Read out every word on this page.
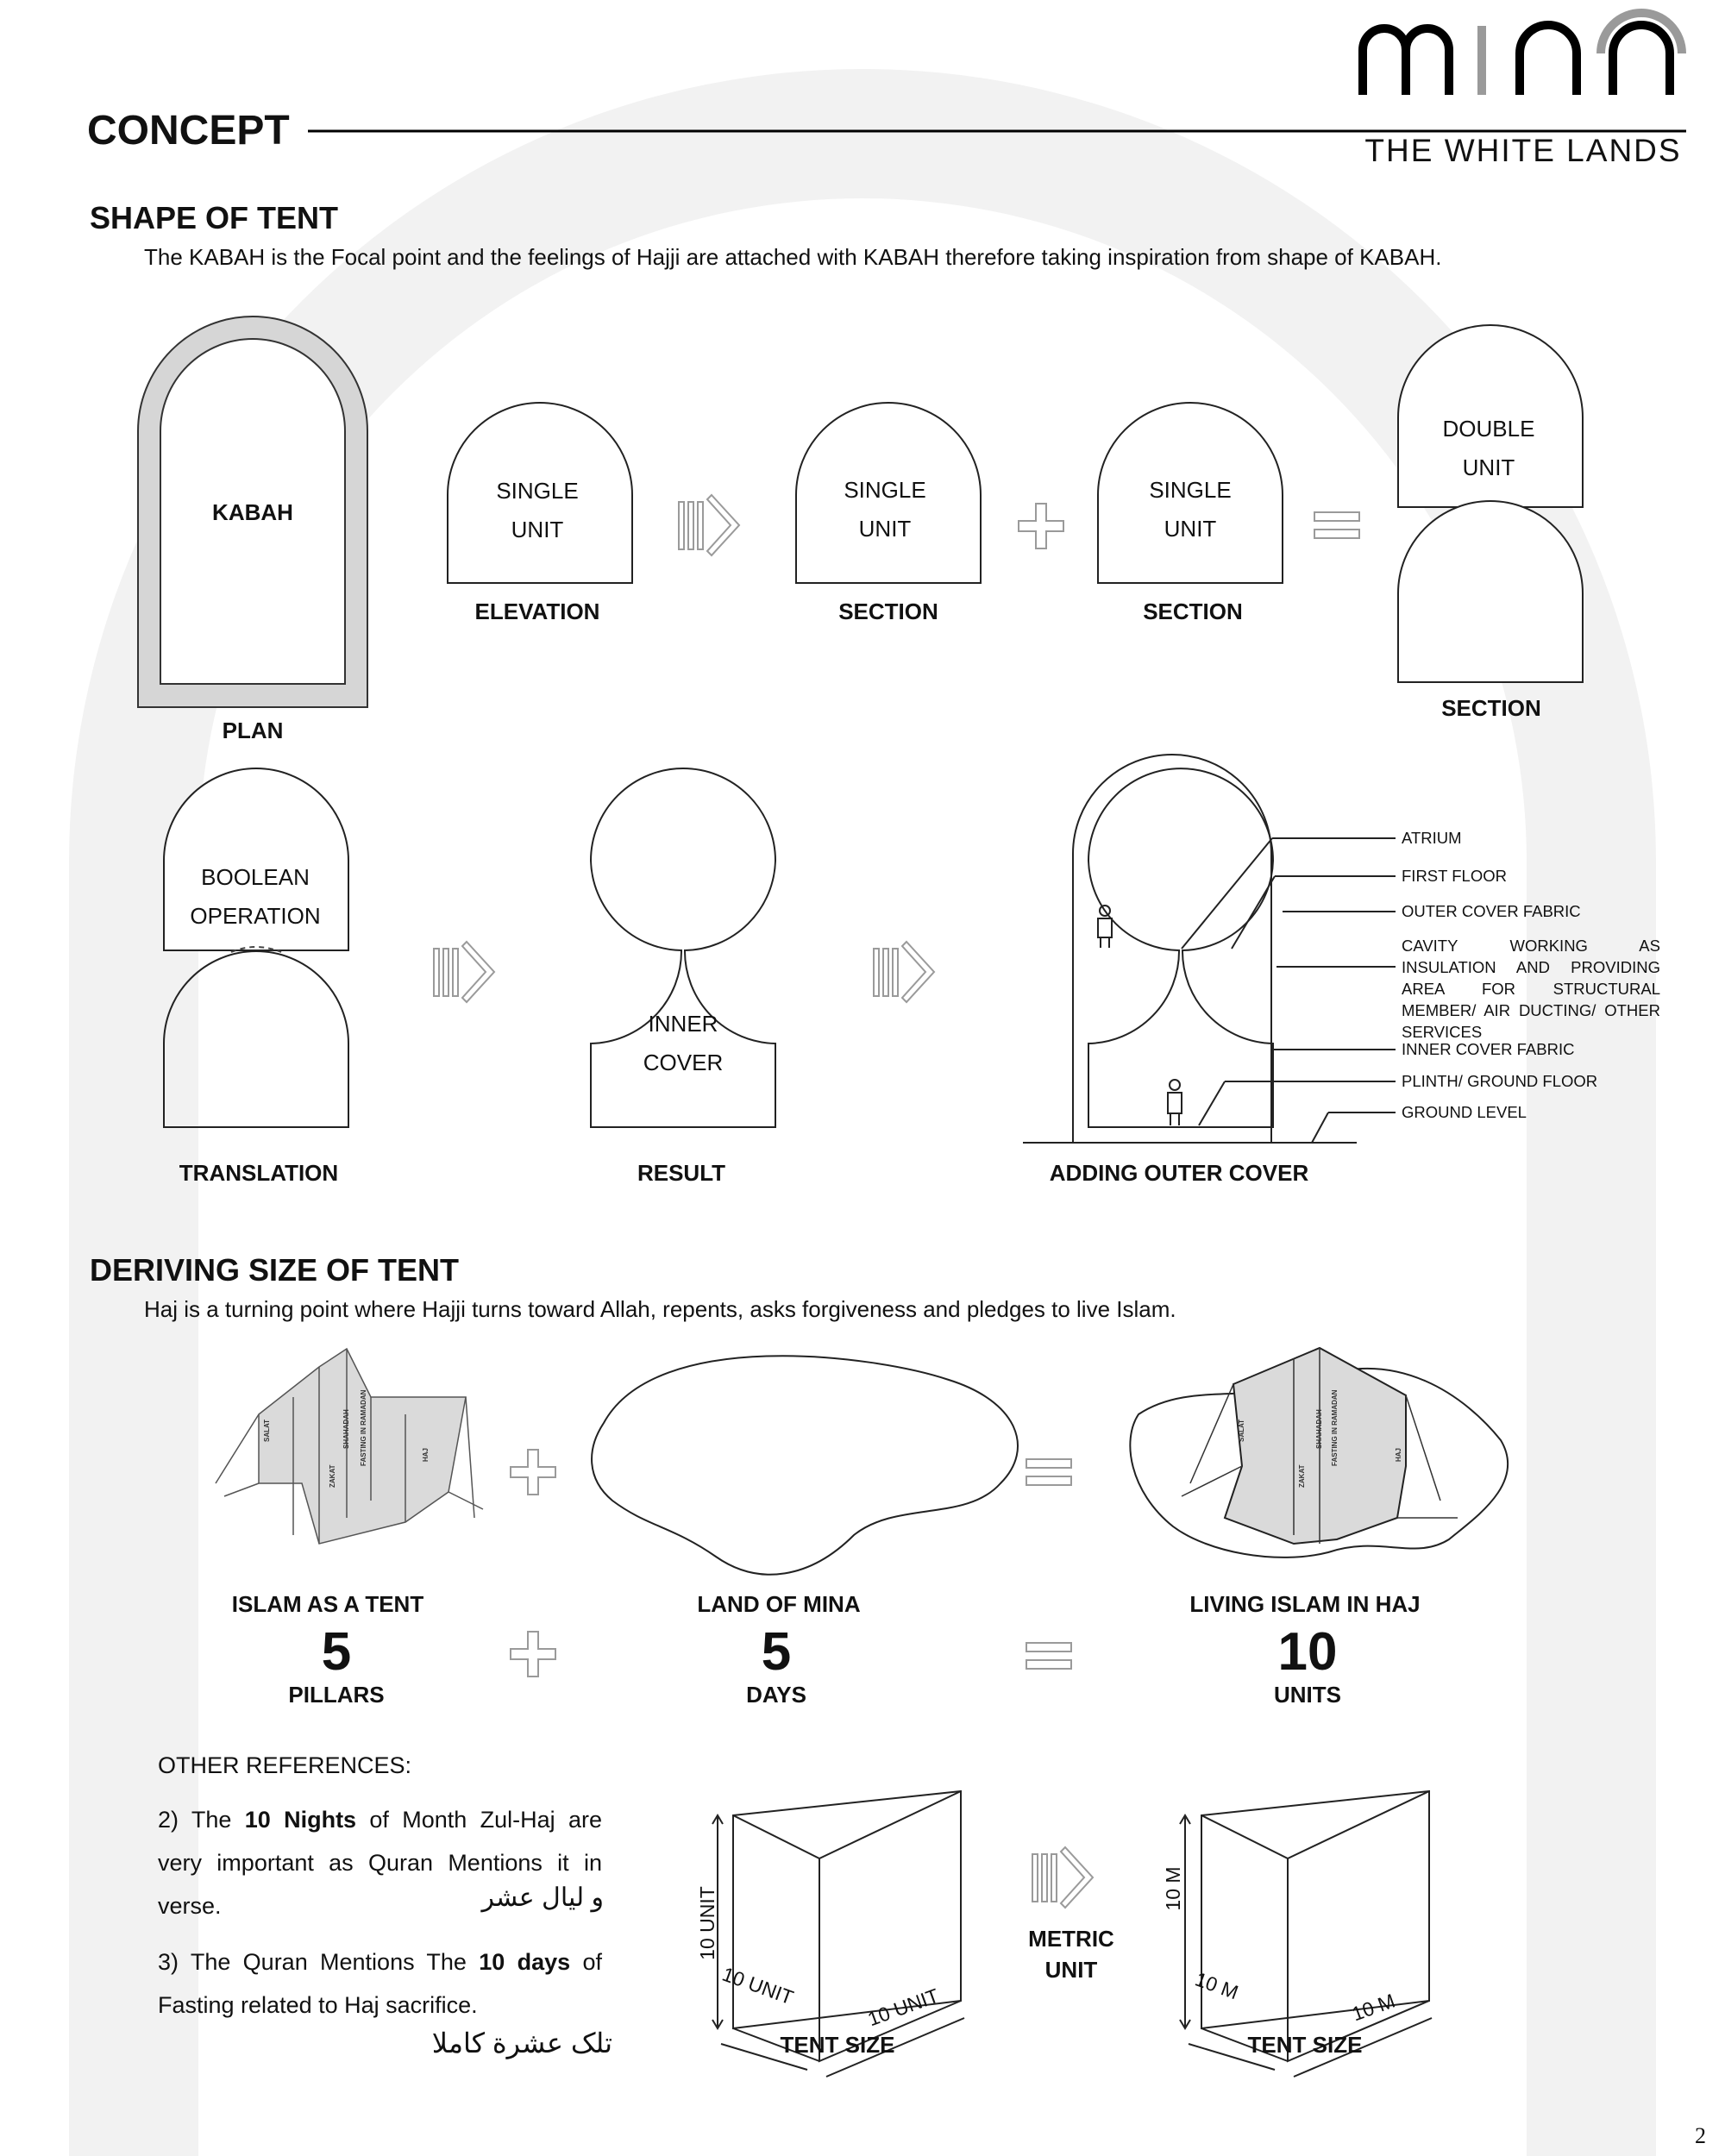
SALAT	SHAHADAH FASTING IN RAMADAN
ZAKAT
HAJ
SALAT	SHAHADAH FASTING IN RAMADAN
ZAKAT
HAJ
10 UNIT
10 UNIT	10 UNIT
10 M
10 M
10 M
THE WHITE LANDS
CONCEPT
SHAPE OF TENT
The KABAH is the Focal point and the feelings of Hajji are attached with KABAH therefore taking inspiration from shape of KABAH.
KABAH
PLAN
SINGLE
UNIT
ELEVATION
SINGLE
UNIT
SECTION
SINGLE
UNIT
SECTION
DOUBLE
UNIT
SECTION
BOOLEAN
OPERATION
TRANSLATION
INNER
COVER
RESULT	ADDING OUTER COVER
ATRIUM
FIRST FLOOR
OUTER COVER FABRIC
CAVITY WORKING AS INSULATION AND PROVIDING AREA FOR STRUCTURAL MEMBER/ AIR DUCTING/ OTHER SERVICES
INNER COVER FABRIC
PLINTH/ GROUND FLOOR
GROUND LEVEL
DERIVING SIZE OF TENT
Haj is a turning point where Hajji turns toward Allah, repents, asks forgiveness and pledges to live Islam.
ISLAM AS A TENT
5
PILLARS
LAND OF MINA
5
DAYS
LIVING ISLAM IN HAJ
10
UNITS
OTHER REFERENCES:
2) The 10 Nights of Month Zul-Haj are very important as Quran Mentions it in verse.	و ليال عشر
3) The Quran Mentions The 10 days of Fasting related to Haj sacrifice.
تلک عشرة كاملا	TENT SIZE
METRIC
UNIT
TENT SIZE
2
